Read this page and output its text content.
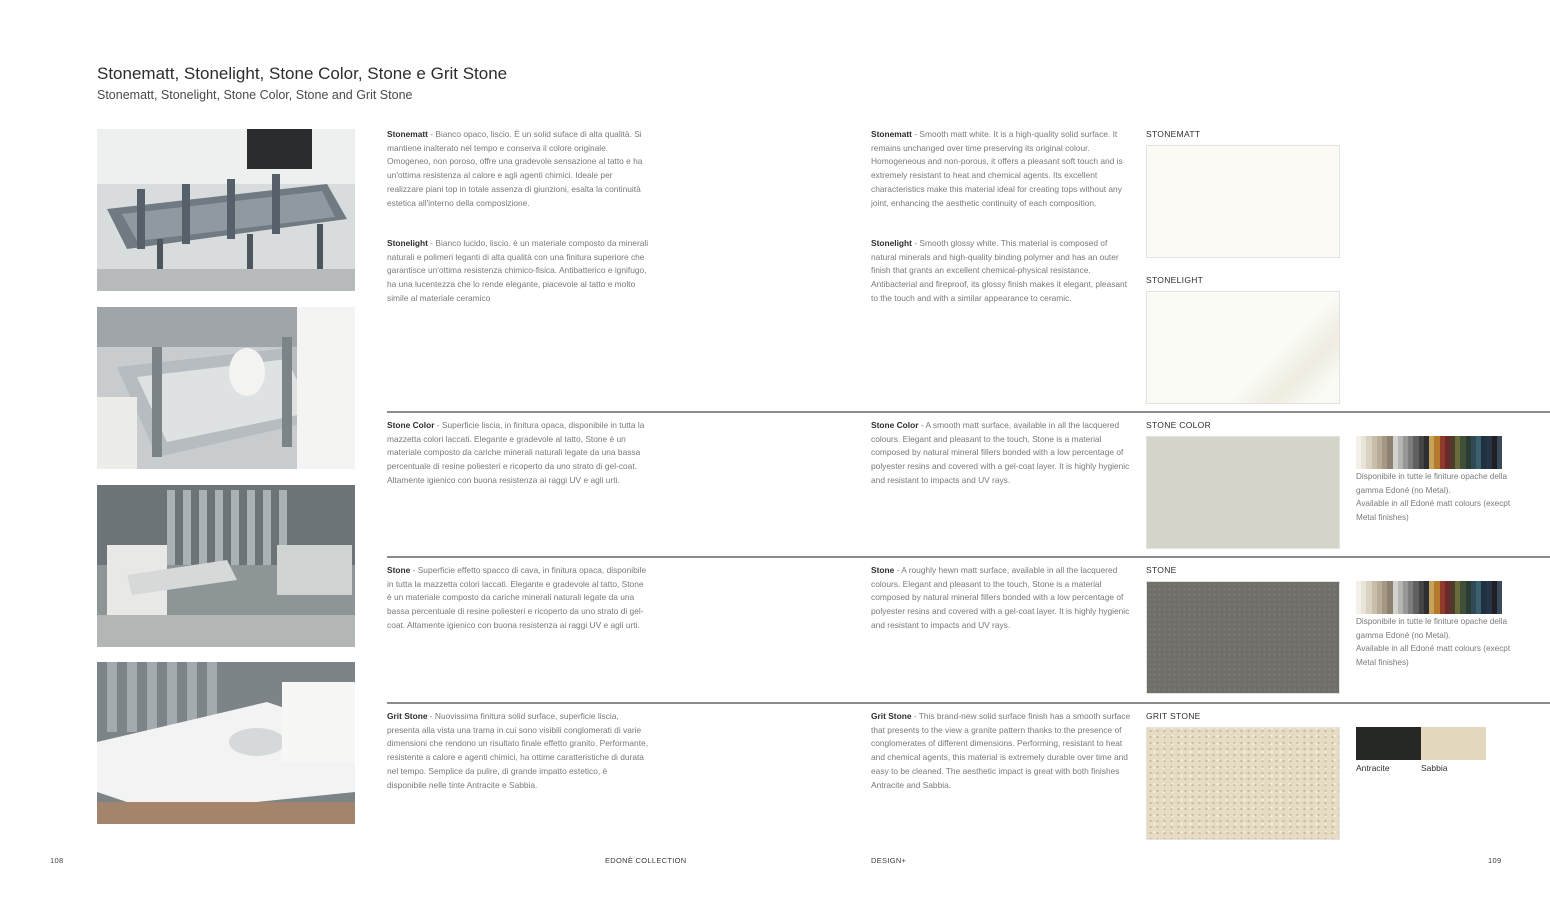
Stonematt, Stonelight, Stone Color, Stone e Grit Stone
Stonematt, Stonelight, Stone Color, Stone and Grit Stone
Stonematt - Bianco opaco, liscio. È un solid suface di alta qualità. Si mantiene inalterato nel tempo e conserva il colore originale. Omogeneo, non poroso, offre una gradevole sensazione al tatto e ha un'ottima resistenza al calore e agli agenti chimici. Ideale per realizzare piani top in totale assenza di giunzioni, esalta la continuità estetica all'interno della composizione.
Stonematt - Smooth matt white. It is a high-quality solid surface. It remains unchanged over time preserving its original colour. Homogeneous and non-porous, it offers a pleasant soft touch and is extremely resistant to heat and chemical agents. Its excellent characteristics make this material ideal for creating tops without any joint, enhancing the aesthetic continuity of each composition.
Stonelight - Bianco lucido, liscio. è un materiale composto da minerali naturali e polimeri leganti di alta qualità con una finitura superiore che garantisce un'ottima resistenza chimico-fisica. Antibatterico e ignifugo, ha una lucentezza che lo rende elegante, piacevole al tatto e molto simile al materiale ceramico
Stonelight - Smooth glossy white. This material is composed of natural minerals and high-quality binding polymer and has an outer finish that grants an excellent chemical-physical resistance. Antibacterial and fireproof, its glossy finish makes it elegant, pleasant to the touch and with a similar appearance to ceramic.
STONEMATT
STONELIGHT
Stone Color - Superficie liscia, in finitura opaca, disponibile in tutta la mazzetta colori laccati. Elegante e gradevole al tatto, Stone è un materiale composto da cariche minerali naturali legate da una bassa percentuale di resine poliesteri e ricoperto da uno strato di gel-coat. Altamente igienico con buona resistenza ai raggi UV e agli urti.
Stone Color - A smooth matt surface, available in all the lacquered colours. Elegant and pleasant to the touch, Stone is a material composed by natural mineral fillers bonded with a low percentage of polyester resins and covered with a gel-coat layer. It is highly hygienic and resistant to impacts and UV rays.
STONE COLOR
Disponibile in tutte le finiture opache della gamma Edoné (no Metal).
Available in all Edoné matt colours (execpt Metal finishes)
Stone - Superficie effetto spacco di cava, in finitura opaca, disponibile in tutta la mazzetta colori laccati. Elegante e gradevole al tatto, Stone è un materiale composto da cariche minerali naturali legate da una bassa percentuale di resine poliesteri e ricoperto da uno strato di gel-coat. Altamente igienico con buona resistenza ai raggi UV e agli urti.
Stone - A roughly hewn matt surface, available in all the lacquered colours. Elegant and pleasant to the touch, Stone is a material composed by natural mineral fillers bonded with a low percentage of polyester resins and covered with a gel-coat layer. It is highly hygienic and resistant to impacts and UV rays.
STONE
Disponibile in tutte le finiture opache della gamma Edoné (no Metal).
Available in all Edoné matt colours (execpt Metal finishes)
Grit Stone - Nuovissima finitura solid surface, superficie liscia, presenta alla vista una trama in cui sono visibili conglomerati di varie dimensioni che rendono un risultato finale effetto granito. Performante, resistente a calore e agenti chimici, ha ottime caratteristiche di durata nel tempo. Semplice da pulire, di grande impatto estetico, è disponibile nelle tinte Antracite e Sabbia.
Grit Stone - This brand-new solid surface finish has a smooth surface that presents to the view a granite pattern thanks to the presence of conglomerates of different dimensions. Performing, resistant to heat and chemical agents, this material is extremely durable over time and easy to be cleaned. The aesthetic impact is great with both finishes Antracite and Sabbia.
GRIT STONE
Antracite	Sabbia
108	EDONÈ COLLECTION	DESIGN+	109
